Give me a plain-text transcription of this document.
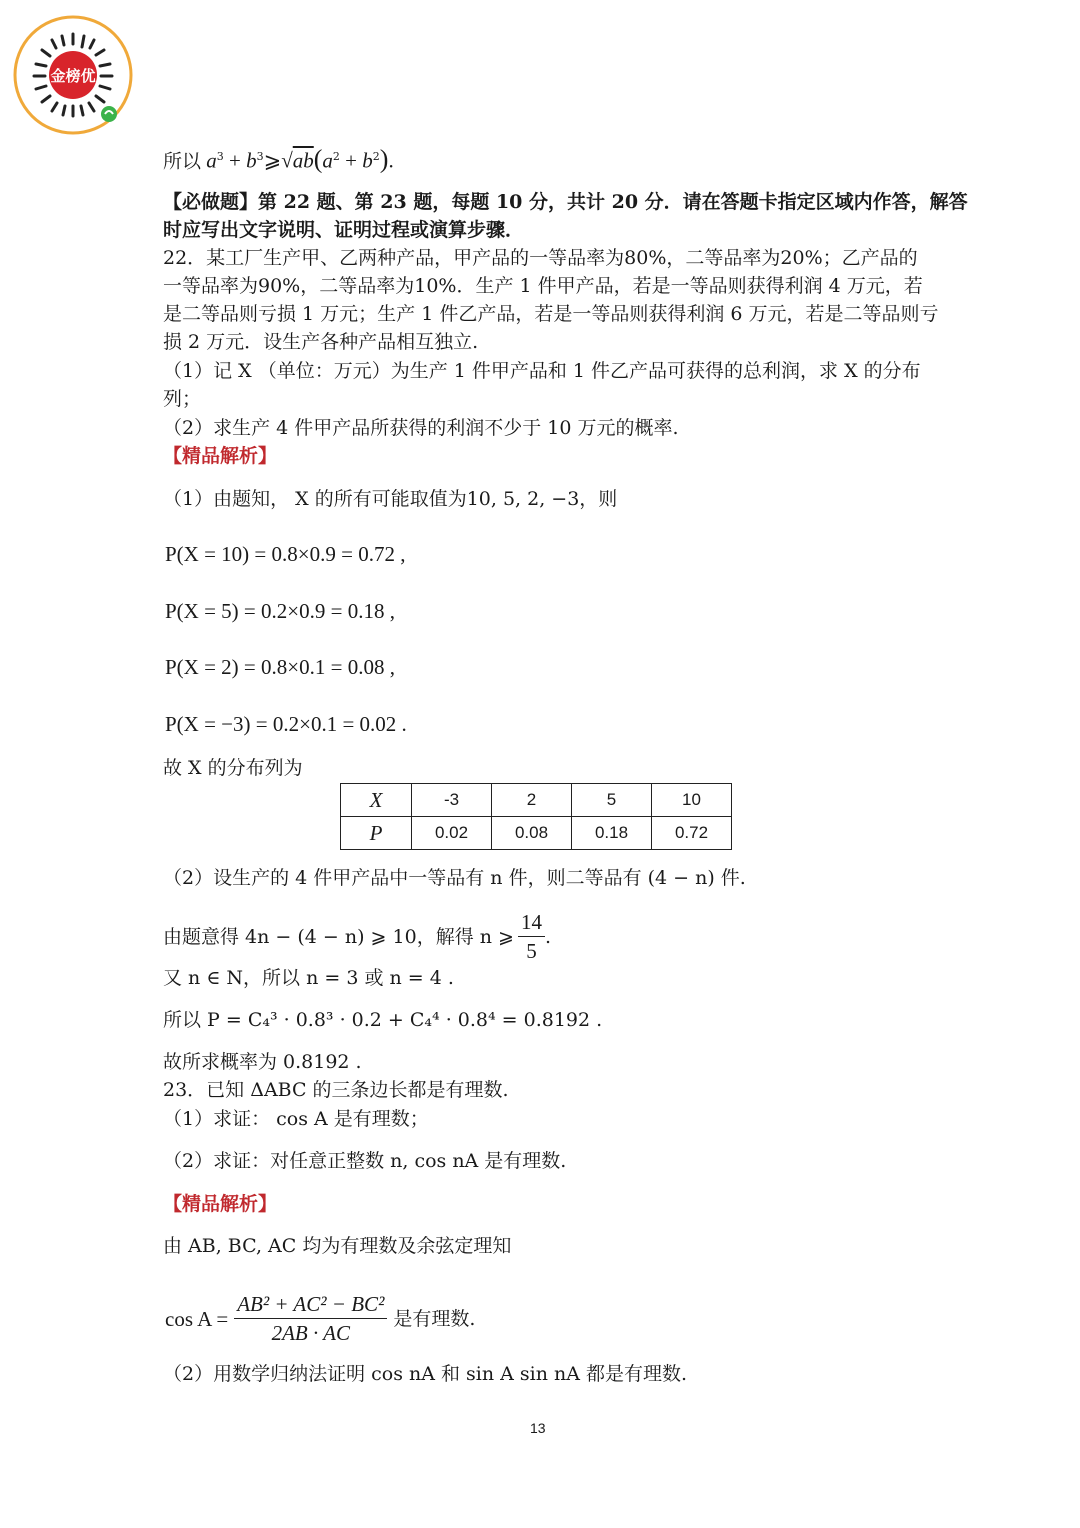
金榜优
所以 $a^3$ + $b^3⩾√ab(a^2 + b^2)$.
【必做题】第 22 题、第 23 题，每题 10 分，共计 20 分．请在答题卡指定区域内作答，解答
时应写出文字说明、证明过程或演算步骤．
22．某工厂生产甲、乙两种产品，甲产品的一等品率为80%，二等品率为20%；乙产品的
一等品率为90%，二等品率为10%．生产 1 件甲产品，若是一等品则获得利润 4 万元，若
是二等品则亏损 1 万元；生产 1 件乙产品，若是一等品则获得利润 6 万元，若是二等品则亏
损 2 万元．设生产各种产品相互独立.
（1）记 X （单位：万元）为生产 1 件甲产品和 1 件乙产品可获得的总利润，求 X 的分布
列；
（2）求生产 4 件甲产品所获得的利润不少于 10 万元的概率.
【精品解析】
（1）由题知， X 的所有可能取值为10, 5, 2, −3，则
P(X = 10) = 0.8×0.9 = 0.72 ,
P(X = 5) = 0.2×0.9 = 0.18 ,
P(X = 2) = 0.8×0.1 = 0.08 ,
P(X = −3) = 0.2×0.1 = 0.02 .
故 X 的分布列为
X	-3	2	5	10
P	0.02	0.08	0.18	0.72
（2）设生产的 4 件甲产品中一等品有 n 件，则二等品有 (4 − n) 件.
由题意得 4n − (4 − n) ⩾ 10，解得 n ⩾ $\frac{14}{5}$ .
又 n ∈ N，所以 n = 3 或 n = 4 .
所以 P = C₄³ · 0.8³ · 0.2 + C₄⁴ · 0.8⁴ = 0.8192 .
故所求概率为 0.8192 .
23．已知 ΔABC 的三条边长都是有理数.
（1）求证： cos A 是有理数；
（2）求证：对任意正整数 n, cos nA 是有理数.
【精品解析】
由 AB, BC, AC 均为有理数及余弦定理知
$\cos A = \frac{\text{AB² + AC² − BC²}}{2AB \cdot AC}$ 是有理数.
（2）用数学归纳法证明 cos nA 和 sin A sin nA 都是有理数.
13
